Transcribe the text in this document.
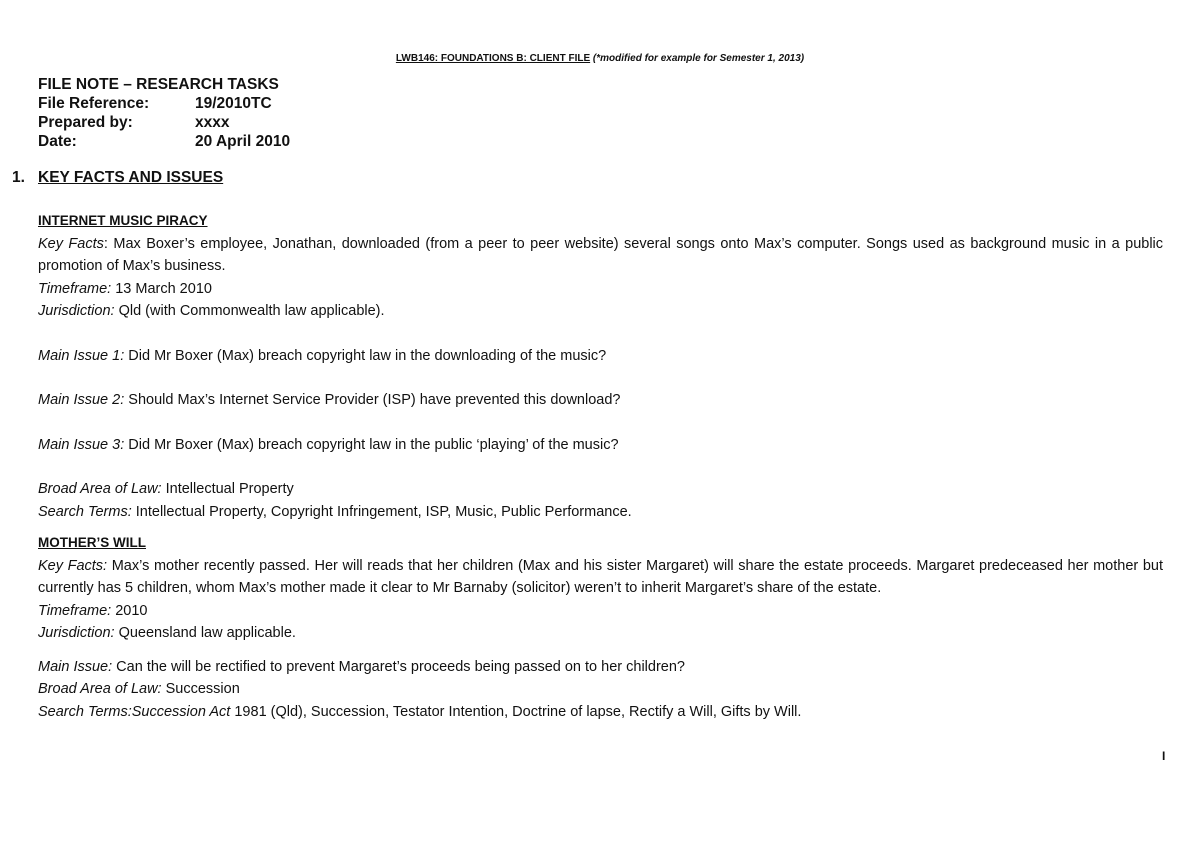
LWB146: FOUNDATIONS B: CLIENT FILE (*modified for example for Semester 1, 2013)
FILE NOTE – RESEARCH TASKS
File Reference:	19/2010TC
Prepared by:	xxxx
Date:	20 April 2010
1. KEY FACTS AND ISSUES
INTERNET MUSIC PIRACY

Key Facts: Max Boxer’s employee, Jonathan, downloaded (from a peer to peer website) several songs onto Max’s computer. Songs used as background music in a public promotion of Max’s business.

Timeframe: 13 March 2010

Jurisdiction: Qld (with Commonwealth law applicable).

Main Issue 1: Did Mr Boxer (Max) breach copyright law in the downloading of the music?

Main Issue 2: Should Max’s Internet Service Provider (ISP) have prevented this download?

Main Issue 3: Did Mr Boxer (Max) breach copyright law in the public ‘playing’ of the music?

Broad Area of Law: Intellectual Property

Search Terms: Intellectual Property, Copyright Infringement, ISP, Music, Public Performance.

MOTHER’S WILL

Key Facts: Max’s mother recently passed. Her will reads that her children (Max and his sister Margaret) will share the estate proceeds. Margaret predeceased her mother but currently has 5 children, whom Max’s mother made it clear to Mr Barnaby (solicitor) weren’t to inherit Margaret’s share of the estate.

Timeframe: 2010

Jurisdiction: Queensland law applicable.

Main Issue: Can the will be rectified to prevent Margaret’s proceeds being passed on to her children?

Broad Area of Law: Succession

Search Terms:Succession Act 1981 (Qld), Succession, Testator Intention, Doctrine of lapse, Rectify a Will, Gifts by Will.

I
